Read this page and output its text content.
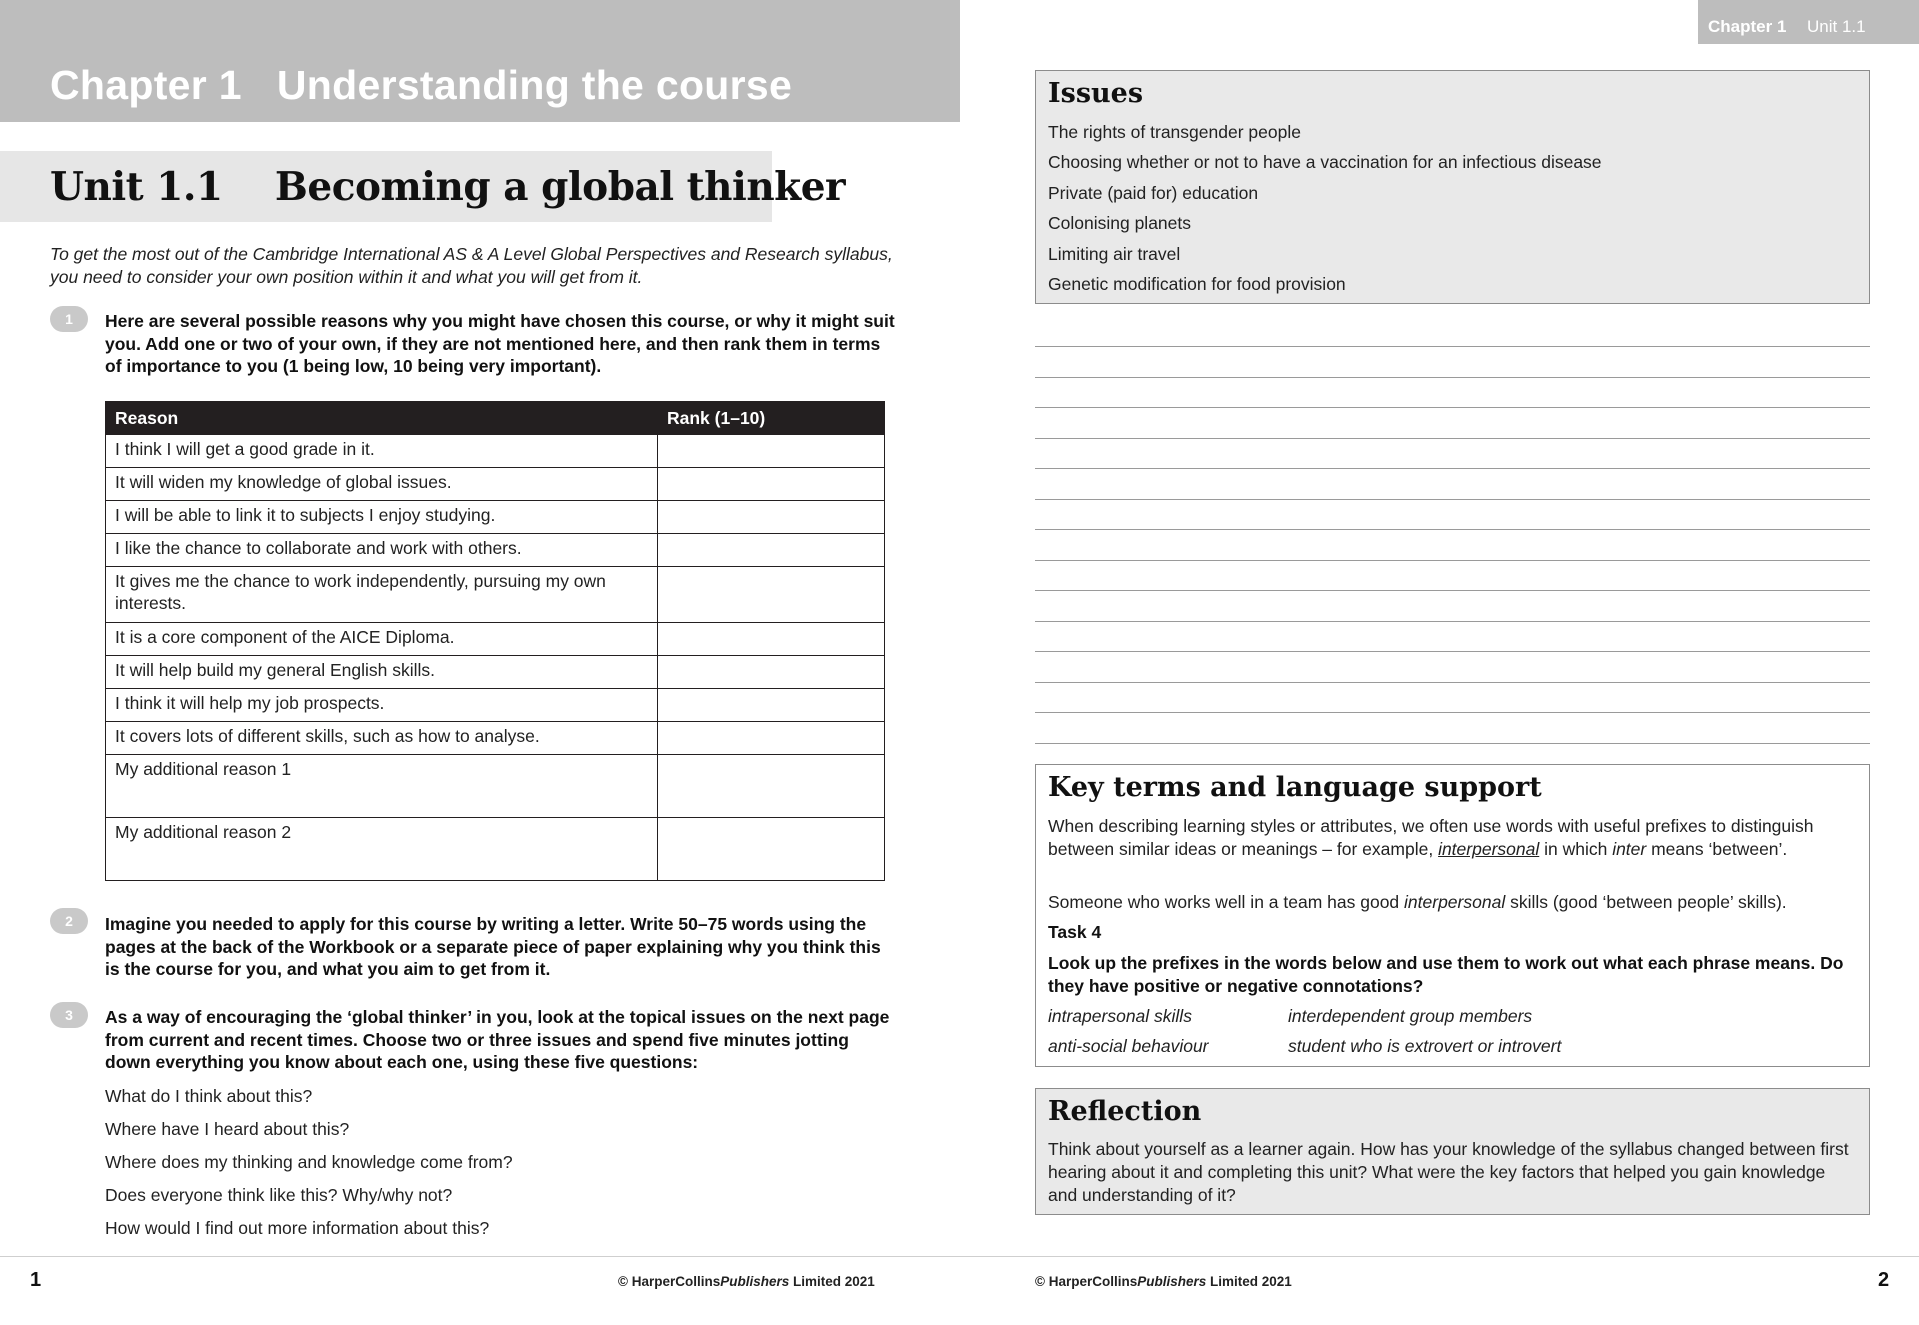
Chapter 1   Understanding the course
Unit 1.1    Becoming a global thinker
To get the most out of the Cambridge International AS & A Level Global Perspectives and Research syllabus, you need to consider your own position within it and what you will get from it.
1	Here are several possible reasons why you might have chosen this course, or why it might suit you. Add one or two of your own, if they are not mentioned here, and then rank them in terms of importance to you (1 being low, 10 being very important).
Reason	Rank (1–10)
I think I will get a good grade in it.	
It will widen my knowledge of global issues.	
I will be able to link it to subjects I enjoy studying.	
I like the chance to collaborate and work with others.	
It gives me the chance to work independently, pursuing my own interests.	
It is a core component of the AICE Diploma.	
It will help build my general English skills.	
I think it will help my job prospects.	
It covers lots of different skills, such as how to analyse.	
My additional reason 1	
My additional reason 2	
2	Imagine you needed to apply for this course by writing a letter. Write 50–75 words using the pages at the back of the Workbook or a separate piece of paper explaining why you think this is the course for you, and what you aim to get from it.
3	As a way of encouraging the ‘global thinker’ in you, look at the topical issues on the next page from current and recent times. Choose two or three issues and spend five minutes jotting down everything you know about each one, using these five questions:
What do I think about this?
Where have I heard about this?
Where does my thinking and knowledge come from?
Does everyone think like this? Why/why not?
How would I find out more information about this?
1	© HarperCollinsPublishers Limited 2021
Chapter 1 Unit 1.1
Issues
The rights of transgender people
Choosing whether or not to have a vaccination for an infectious disease
Private (paid for) education
Colonising planets
Limiting air travel
Genetic modification for food provision
Key terms and language support
When describing learning styles or attributes, we often use words with useful prefixes to distinguish between similar ideas or meanings – for example, interpersonal in which inter means ‘between’.
Someone who works well in a team has good interpersonal skills (good ‘between people’ skills).
Task 4
Look up the prefixes in the words below and use them to work out what each phrase means. Do they have positive or negative connotations?
intrapersonal skills	interdependent group members
anti-social behaviour	student who is extrovert or introvert
Reflection
Think about yourself as a learner again. How has your knowledge of the syllabus changed between first hearing about it and completing this unit? What were the key factors that helped you gain knowledge and understanding of it?
© HarperCollinsPublishers Limited 2021	2
